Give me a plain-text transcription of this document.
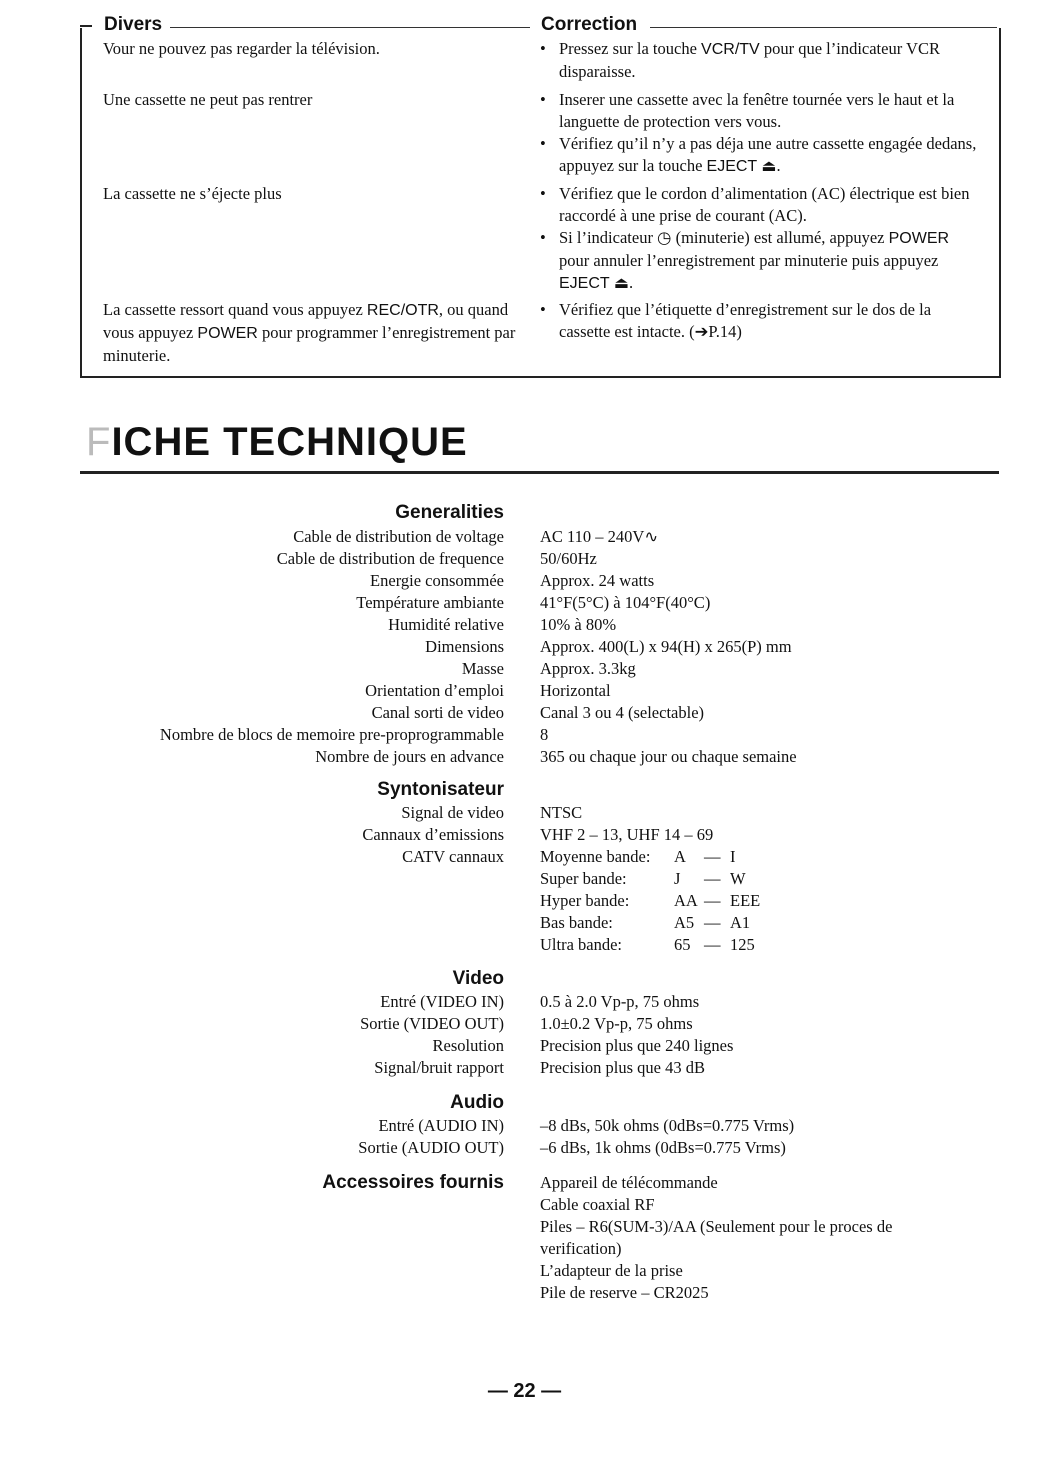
Divers	Correction
Vour ne pouvez pas regarder la télévision.	• Pressez sur la touche VCR/TV pour que l’indicateur VCR disparaisse.
Une cassette ne peut pas rentrer	• Inserer une cassette avec la fenêtre tournée vers le haut et la languette de protection vers vous.
• Vérifiez qu’il n’y a pas déja une autre cassette engagée dedans, appuyez sur la touche EJECT ⏏.
La cassette ne s’éjecte plus	• Vérifiez que le cordon d’alimentation (AC) électrique est bien raccordé à une prise de courant (AC).
• Si l’indicateur ◷ (minuterie) est allumé, appuyez POWER pour annuler l’enregistrement par minuterie puis appuyez EJECT ⏏.
La cassette ressort quand vous appuyez REC/OTR, ou quand vous appuyez POWER pour programmer l’enregistrement par minuterie.
• Vérifiez que l’étiquette d’enregistrement sur le dos de la cassette est intacte. (➔P.14)
FICHE TECHNIQUE
Generalities
Cable de distribution de voltage AC 110 – 240V∿
Cable de distribution de frequence 50/60Hz
Energie consommée Approx. 24 watts
Température ambiante 41°F(5°C) à 104°F(40°C)
Humidité relative 10% à 80%
Dimensions Approx. 400(L) x 94(H) x 265(P) mm
Masse Approx. 3.3kg
Orientation d’emploi Horizontal
Canal sorti de video Canal 3 ou 4 (selectable)
Nombre de blocs de memoire pre-proprogrammable 8
Nombre de jours en advance 365 ou chaque jour ou chaque semaine
Syntonisateur
Signal de video NTSC
Cannaux d’emissions VHF 2 – 13, UHF 14 – 69
CATV cannaux Moyenne bande: A — I
Super bande:	J — W
Hyper bande:	AA — EEE
Bas bande:	A5 — A1
Ultra bande:	65 — 125
Video
Entré (VIDEO IN) 0.5 à 2.0 Vp-p, 75 ohms
Sortie (VIDEO OUT) 1.0±0.2 Vp-p, 75 ohms
Resolution Precision plus que 240 lignes
Signal/bruit rapport Precision plus que 43 dB
Audio
Entré (AUDIO IN) –8 dBs, 50k ohms (0dBs=0.775 Vrms)
Sortie (AUDIO OUT) –6 dBs, 1k ohms (0dBs=0.775 Vrms)
Accessoires fournis Appareil de télécommande
Cable coaxial RF
Piles – R6(SUM-3)/AA (Seulement pour le proces de
verification)
L’adapteur de la prise
Pile de reserve – CR2025
— 22 —
